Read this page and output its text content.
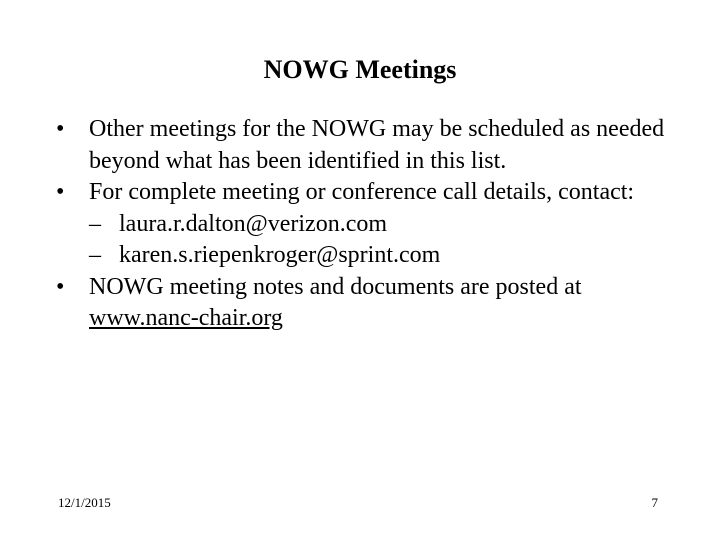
NOWG Meetings
• Other meetings for the NOWG may be scheduled as needed beyond what has been identified in this list.
• For complete meeting or conference call details, contact:
– laura.r.dalton@verizon.com
– karen.s.riepenkroger@sprint.com
• NOWG meeting notes and documents are posted at www.nanc-chair.org
12/1/2015	7
